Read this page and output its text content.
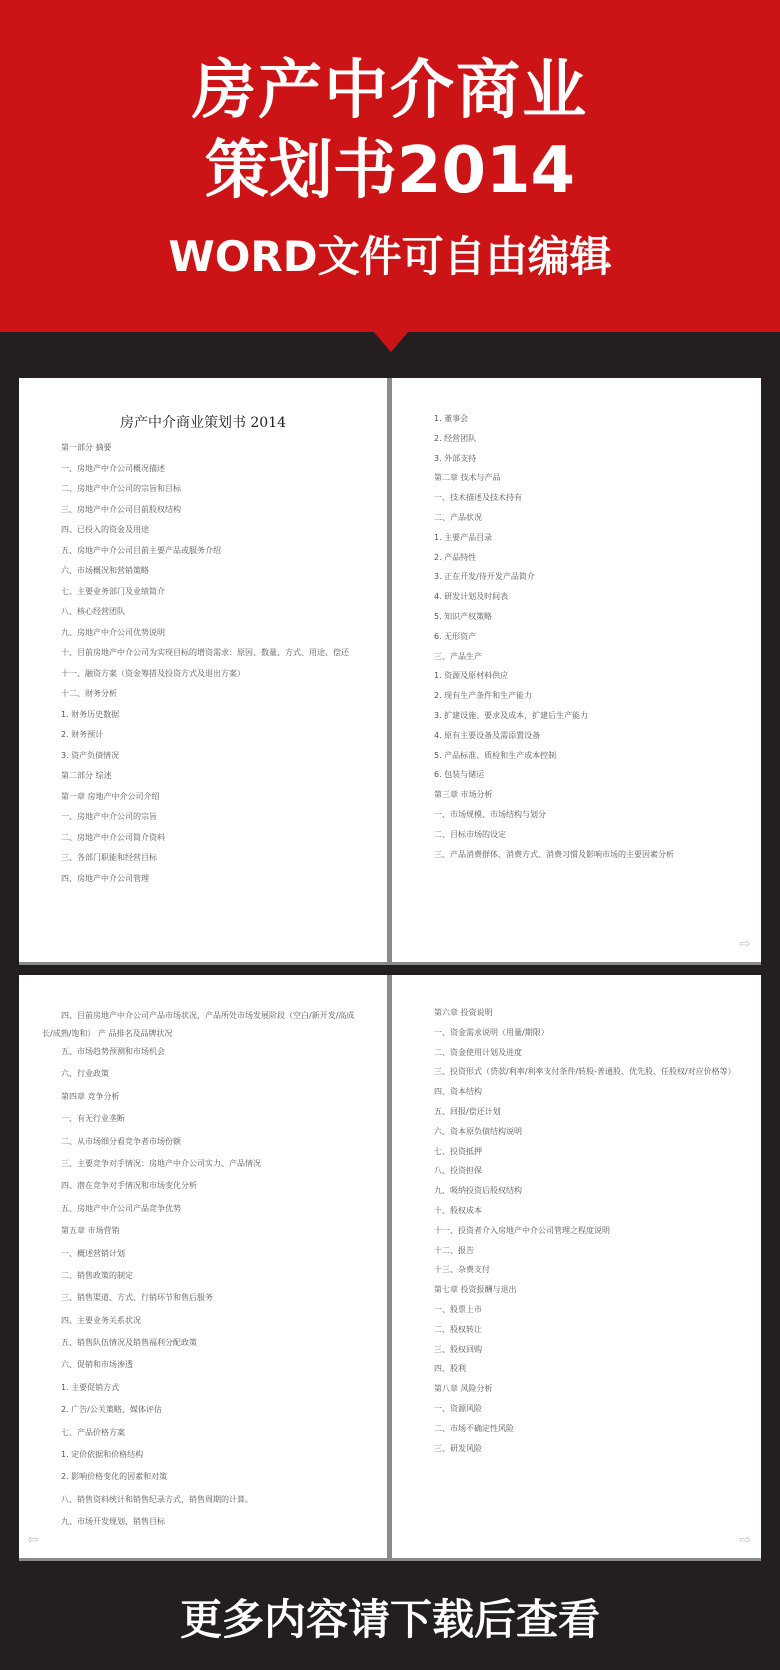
房产中介商业
策划书2014
WORD文件可自由编辑
房产中介商业策划书 2014
第一部分 摘要
一、房地产中介公司概况描述
二、房地产中介公司的宗旨和目标
三、房地产中介公司目前股权结构
四、已投入的资金及用途
五、房地产中介公司目前主要产品或服务介绍
六、市场概况和营销策略
七、主要业务部门及业绩简介
八、核心经营团队
九、房地产中介公司优势说明
十、目前房地产中介公司为实现目标的增资需求：原因、数量、方式、用途、偿还
十一、融资方案（资金筹措及投资方式及退出方案）
十二、财务分析
1. 财务历史数据
2. 财务预计
3. 资产负债情况
第二部分 综述
第一章 房地产中介公司介绍
一、房地产中介公司的宗旨
二、房地产中介公司简介资料
三、各部门职能和经营目标
四、房地产中介公司管理
1. 董事会
2. 经营团队
3. 外部支持
第二章 技术与产品
一、技术描述及技术持有
二、产品状况
1. 主要产品目录
2. 产品特性
3. 正在开发/待开发产品简介
4. 研发计划及时间表
5. 知识产权策略
6. 无形资产
三、产品生产
1. 资源及原材料供应
2. 现有生产条件和生产能力
3. 扩建设施、要求及成本，扩建后生产能力
4. 原有主要设备及需添置设备
5. 产品标准、质检和生产成本控制
6. 包装与储运
第三章 市场分析
一、市场规模、市场结构与划分
二、目标市场的设定
三、产品消费群体、消费方式、消费习惯及影响市场的主要因素分析
⇨
四、目前房地产中介公司产品市场状况，产品所处市场发展阶段（空白/新开发/高成长/成熟/饱和） 产 品排名及品牌状况
五、市场趋势预测和市场机会
六、行业政策
第四章 竞争分析
一、有无行业垄断
二、从市场细分看竞争者市场份额
三、主要竞争对手情况：房地产中介公司实力、产品情况
四、潜在竞争对手情况和市场变化分析
五、房地产中介公司产品竞争优势
第五章 市场营销
一、概述营销计划
二、销售政策的制定
三、销售渠道、方式、行销环节和售后服务
四、主要业务关系状况
五、销售队伍情况及销售福利分配政策
六、促销和市场渗透
1. 主要促销方式
2. 广告/公关策略、媒体评估
七、产品价格方案
1. 定价依据和价格结构
2. 影响价格变化的因素和对策
八、销售资料统计和销售纪录方式，销售周期的计算。
九、市场开发规划，销售目标
⇦
第六章 投资说明
一、资金需求说明（用量/期限）
二、资金使用计划及进度
三、投资形式（贷款/利率/利率支付条件/转股-普通股、优先股、任股权/对应价格等）
四、资本结构
五、回报/偿还计划
六、资本原负债结构说明
七、投资抵押
八、投资担保
九、吸纳投资后股权结构
十、股权成本
十一、投资者介入房地产中介公司管理之程度说明
十二、报告
十三、杂费支付
第七章 投资报酬与退出
一、股票上市
二、股权转让
三、股权回购
四、股利
第八章 风险分析
一、资源风险
二、市场不确定性风险
三、研发风险
⇨
更多内容请下载后查看
